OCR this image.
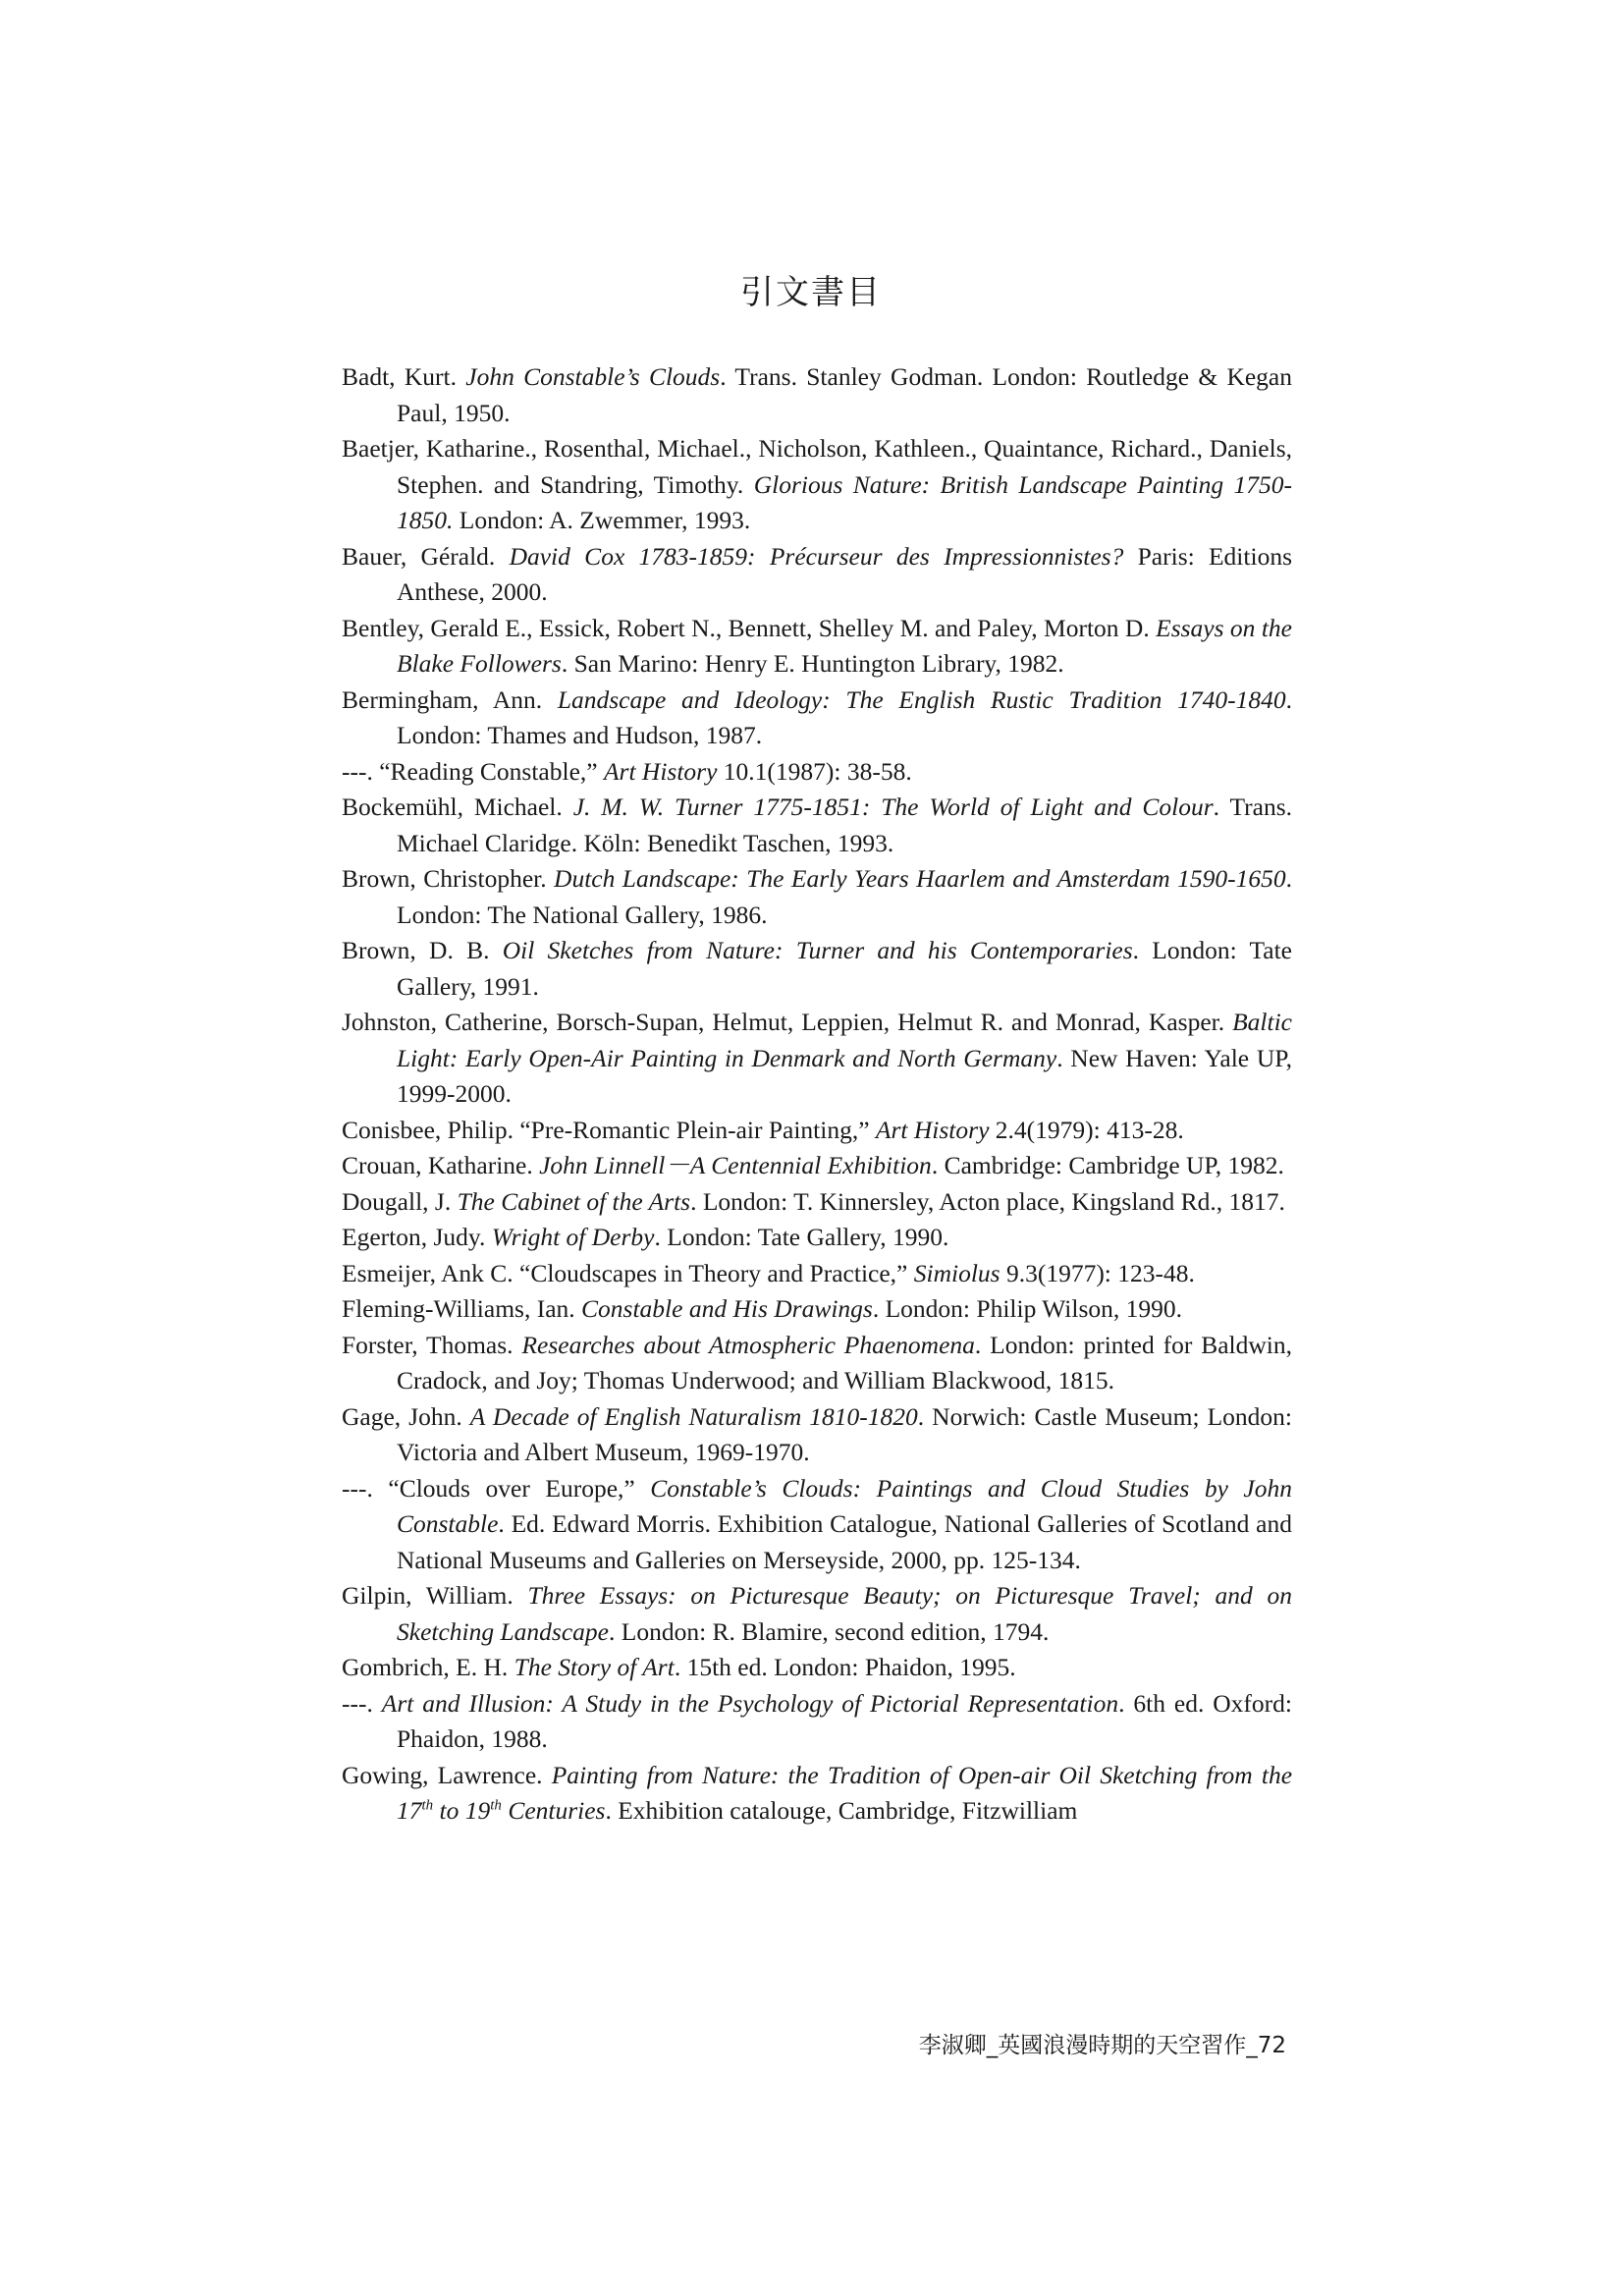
引文書目

Badt, Kurt. John Constable’s Clouds. Trans. Stanley Godman. London: Routledge & Kegan Paul, 1950.

Baetjer, Katharine., Rosenthal, Michael., Nicholson, Kathleen., Quaintance, Richard., Daniels, Stephen. and Standring, Timothy. Glorious Nature: British Landscape Painting 1750-1850. London: A. Zwemmer, 1993.

Bauer, Gérald. David Cox 1783-1859: Précurseur des Impressionnistes? Paris: Editions Anthese, 2000.

Bentley, Gerald E., Essick, Robert N., Bennett, Shelley M. and Paley, Morton D. Essays on the Blake Followers. San Marino: Henry E. Huntington Library, 1982.

Bermingham, Ann. Landscape and Ideology: The English Rustic Tradition 1740-1840. London: Thames and Hudson, 1987.

---. “Reading Constable,” Art History 10.1(1987): 38-58.

Bockemühl, Michael. J. M. W. Turner 1775-1851: The World of Light and Colour. Trans. Michael Claridge. Köln: Benedikt Taschen, 1993.

Brown, Christopher. Dutch Landscape: The Early Years Haarlem and Amsterdam 1590-1650. London: The National Gallery, 1986.

Brown, D. B. Oil Sketches from Nature: Turner and his Contemporaries. London: Tate Gallery, 1991.

Johnston, Catherine, Borsch-Supan, Helmut, Leppien, Helmut R. and Monrad, Kasper. Baltic Light: Early Open-Air Painting in Denmark and North Germany. New Haven: Yale UP, 1999-2000.

Conisbee, Philip. “Pre-Romantic Plein-air Painting,” Art History 2.4(1979): 413-28.

Crouan, Katharine. John Linnell－A Centennial Exhibition. Cambridge: Cambridge UP, 1982.

Dougall, J. The Cabinet of the Arts. London: T. Kinnersley, Acton place, Kingsland Rd., 1817.

Egerton, Judy. Wright of Derby. London: Tate Gallery, 1990.

Esmeijer, Ank C. “Cloudscapes in Theory and Practice,” Simiolus 9.3(1977): 123-48.

Fleming-Williams, Ian. Constable and His Drawings. London: Philip Wilson, 1990.

Forster, Thomas. Researches about Atmospheric Phaenomena. London: printed for Baldwin, Cradock, and Joy; Thomas Underwood; and William Blackwood, 1815.

Gage, John. A Decade of English Naturalism 1810-1820. Norwich: Castle Museum; London: Victoria and Albert Museum, 1969-1970.

---. “Clouds over Europe,” Constable’s Clouds: Paintings and Cloud Studies by John Constable. Ed. Edward Morris. Exhibition Catalogue, National Galleries of Scotland and National Museums and Galleries on Merseyside, 2000, pp. 125-134.

Gilpin, William. Three Essays: on Picturesque Beauty; on Picturesque Travel; and on Sketching Landscape. London: R. Blamire, second edition, 1794.

Gombrich, E. H. The Story of Art. 15th ed. London: Phaidon, 1995.

---. Art and Illusion: A Study in the Psychology of Pictorial Representation. 6th ed. Oxford: Phaidon, 1988.

Gowing, Lawrence. Painting from Nature: the Tradition of Open-air Oil Sketching from the 17th to 19th Centuries. Exhibition catalouge, Cambridge, Fitzwilliam

李淑卿_英國浪漫時期的天空習作_72
